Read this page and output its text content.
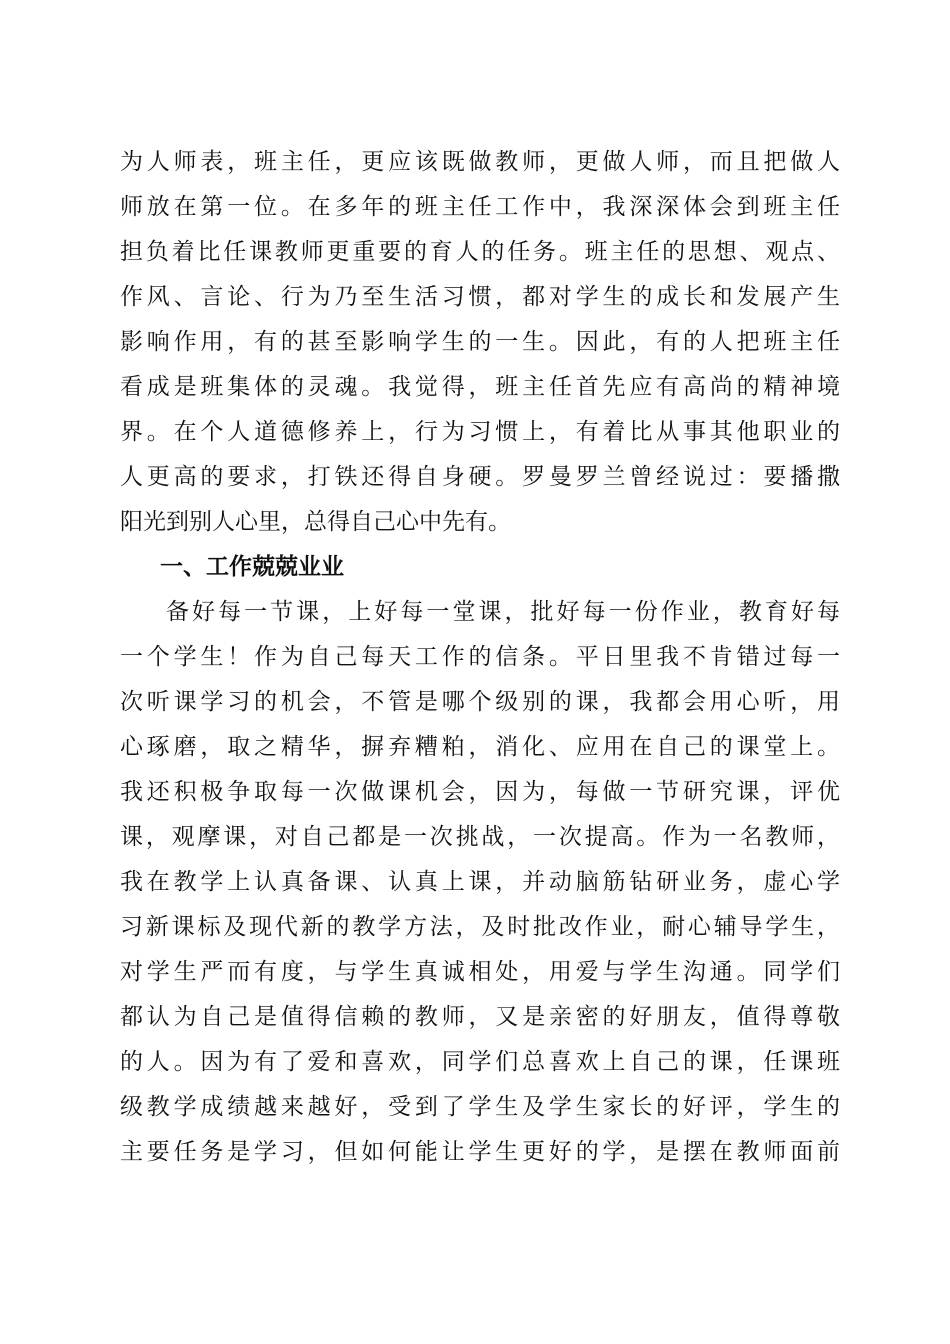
为人师表，班主任，更应该既做教师，更做人师，而且把做人
师放在第一位。在多年的班主任工作中，我深深体会到班主任
担负着比任课教师更重要的育人的任务。班主任的思想、观点、
作风、言论、行为乃至生活习惯，都对学生的成长和发展产生
影响作用，有的甚至影响学生的一生。因此，有的人把班主任
看成是班集体的灵魂。我觉得，班主任首先应有高尚的精神境
界。在个人道德修养上，行为习惯上，有着比从事其他职业的
人更高的要求，打铁还得自身硬。罗曼罗兰曾经说过：要播撒
阳光到别人心里，总得自己心中先有。
一、工作兢兢业业
备好每一节课，上好每一堂课，批好每一份作业，教育好每
一个学生！作为自己每天工作的信条。平日里我不肯错过每一
次听课学习的机会，不管是哪个级别的课，我都会用心听，用
心琢磨，取之精华，摒弃糟粕，消化、应用在自己的课堂上。
我还积极争取每一次做课机会，因为，每做一节研究课，评优
课，观摩课，对自己都是一次挑战，一次提高。作为一名教师，
我在教学上认真备课、认真上课，并动脑筋钻研业务，虚心学
习新课标及现代新的教学方法，及时批改作业，耐心辅导学生，
对学生严而有度，与学生真诚相处，用爱与学生沟通。同学们
都认为自己是值得信赖的教师，又是亲密的好朋友，值得尊敬
的人。因为有了爱和喜欢，同学们总喜欢上自己的课，任课班
级教学成绩越来越好，受到了学生及学生家长的好评，学生的
主要任务是学习，但如何能让学生更好的学，是摆在教师面前
